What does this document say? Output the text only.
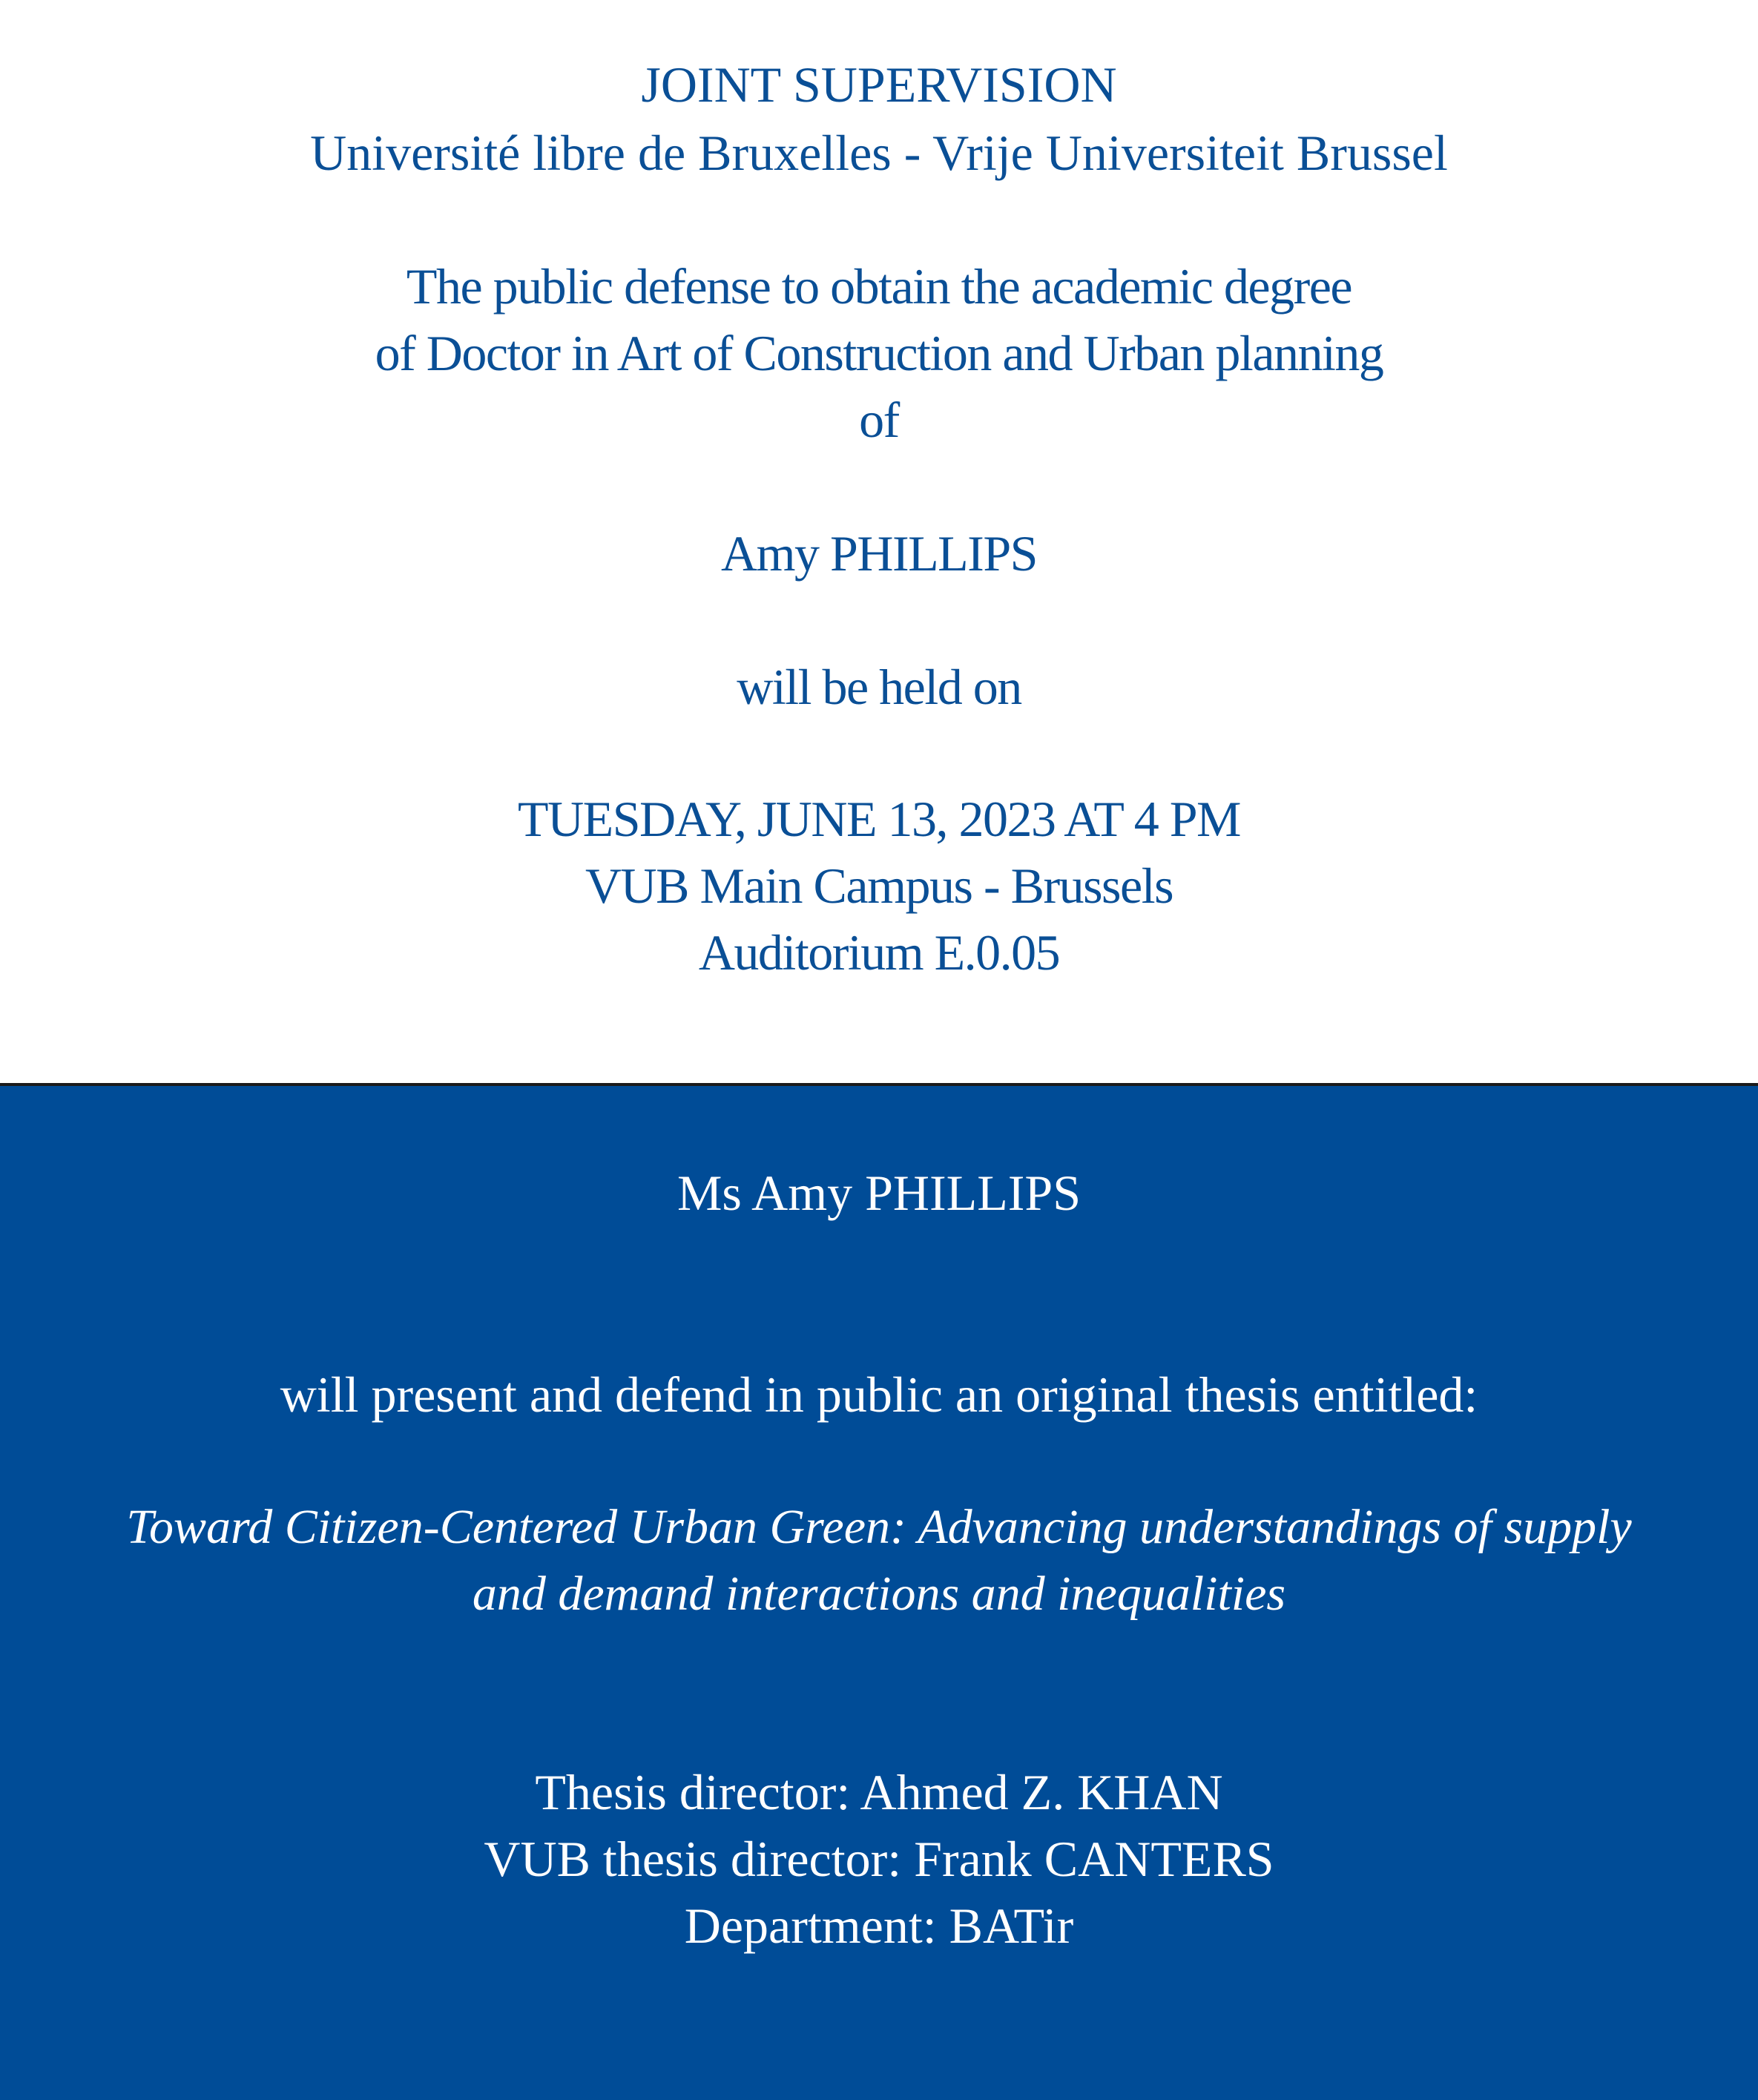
JOINT SUPERVISION
Université libre de Bruxelles - Vrije Universiteit Brussel
The public defense to obtain the academic degree
of Doctor in Art of Construction and Urban planning
of
Amy PHILLIPS
will be held on
TUESDAY, JUNE 13, 2023 AT 4 PM
VUB Main Campus - Brussels
Auditorium E.0.05
Ms Amy PHILLIPS
will present and defend in public an original thesis entitled:
Toward Citizen-Centered Urban Green: Advancing understandings of supply
and demand interactions and inequalities
Thesis director: Ahmed Z. KHAN
VUB thesis director: Frank CANTERS
Department: BATir
